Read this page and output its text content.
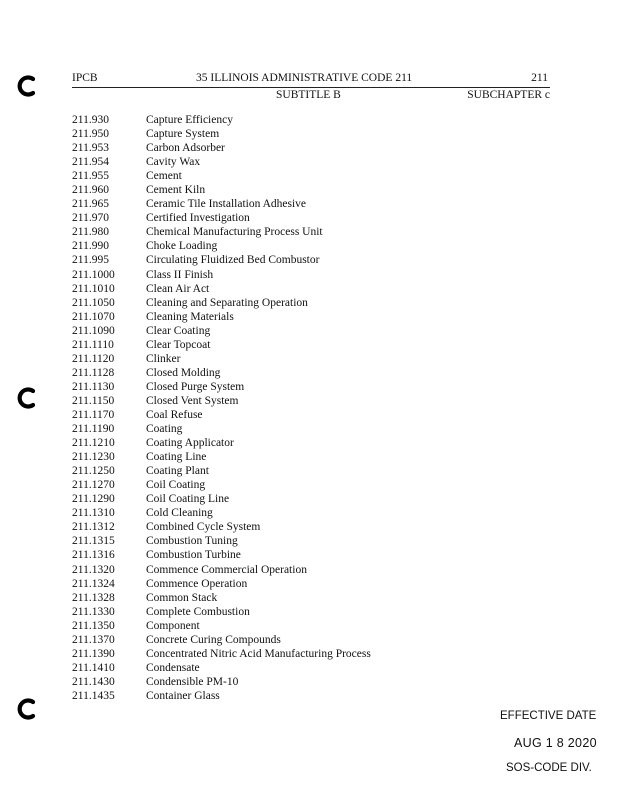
IPCB	35 ILLINOIS ADMINISTRATIVE CODE 211	211
SUBTITLE B	SUBCHAPTER c
211.930	Capture Efficiency
211.950	Capture System
211.953	Carbon Adsorber
211.954	Cavity Wax
211.955	Cement
211.960	Cement Kiln
211.965	Ceramic Tile Installation Adhesive
211.970	Certified Investigation
211.980	Chemical Manufacturing Process Unit
211.990	Choke Loading
211.995	Circulating Fluidized Bed Combustor
211.1000	Class II Finish
211.1010	Clean Air Act
211.1050	Cleaning and Separating Operation
211.1070	Cleaning Materials
211.1090	Clear Coating
211.1110	Clear Topcoat
211.1120	Clinker
211.1128	Closed Molding
211.1130	Closed Purge System
211.1150	Closed Vent System
211.1170	Coal Refuse
211.1190	Coating
211.1210	Coating Applicator
211.1230	Coating Line
211.1250	Coating Plant
211.1270	Coil Coating
211.1290	Coil Coating Line
211.1310	Cold Cleaning
211.1312	Combined Cycle System
211.1315	Combustion Tuning
211.1316	Combustion Turbine
211.1320	Commence Commercial Operation
211.1324	Commence Operation
211.1328	Common Stack
211.1330	Complete Combustion
211.1350	Component
211.1370	Concrete Curing Compounds
211.1390	Concentrated Nitric Acid Manufacturing Process
211.1410	Condensate
211.1430	Condensible PM-10
211.1435	Container Glass
EFFECTIVE DATE
AUG 1 8 2020
SOS-CODE DIV.
